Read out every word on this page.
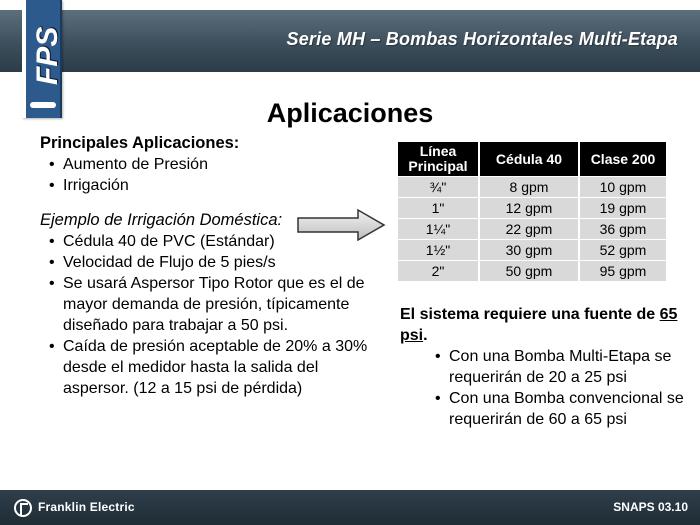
Serie MH – Bombas Horizontales Multi-Etapa
FPS
Aplicaciones
Principales Aplicaciones:
• Aumento de Presión
• Irrigación
Ejemplo de Irrigación Doméstica:
• Cédula 40 de PVC (Estándar)
• Velocidad de Flujo de 5 pies/s
• Se usará Aspersor Tipo Rotor que es el de mayor demanda de presión, típicamente diseñado para trabajar a 50 psi.
• Caída de presión aceptable de 20% a 30% desde el medidor hasta la salida del aspersor. (12 a 15 psi de pérdida)
Línea Principal	Cédula 40	Clase 200
¾"	8 gpm	10 gpm
1"	12 gpm	19 gpm
1¼"	22 gpm	36 gpm
1½"	30 gpm	52 gpm
2"	50 gpm	95 gpm
El sistema requiere una fuente de 65 psi.
• Con una Bomba Multi-Etapa se requerirán de 20 a 25 psi
• Con una Bomba convencional se requerirán de 60 a 65 psi
Franklin Electric	SNAPS 03.10
